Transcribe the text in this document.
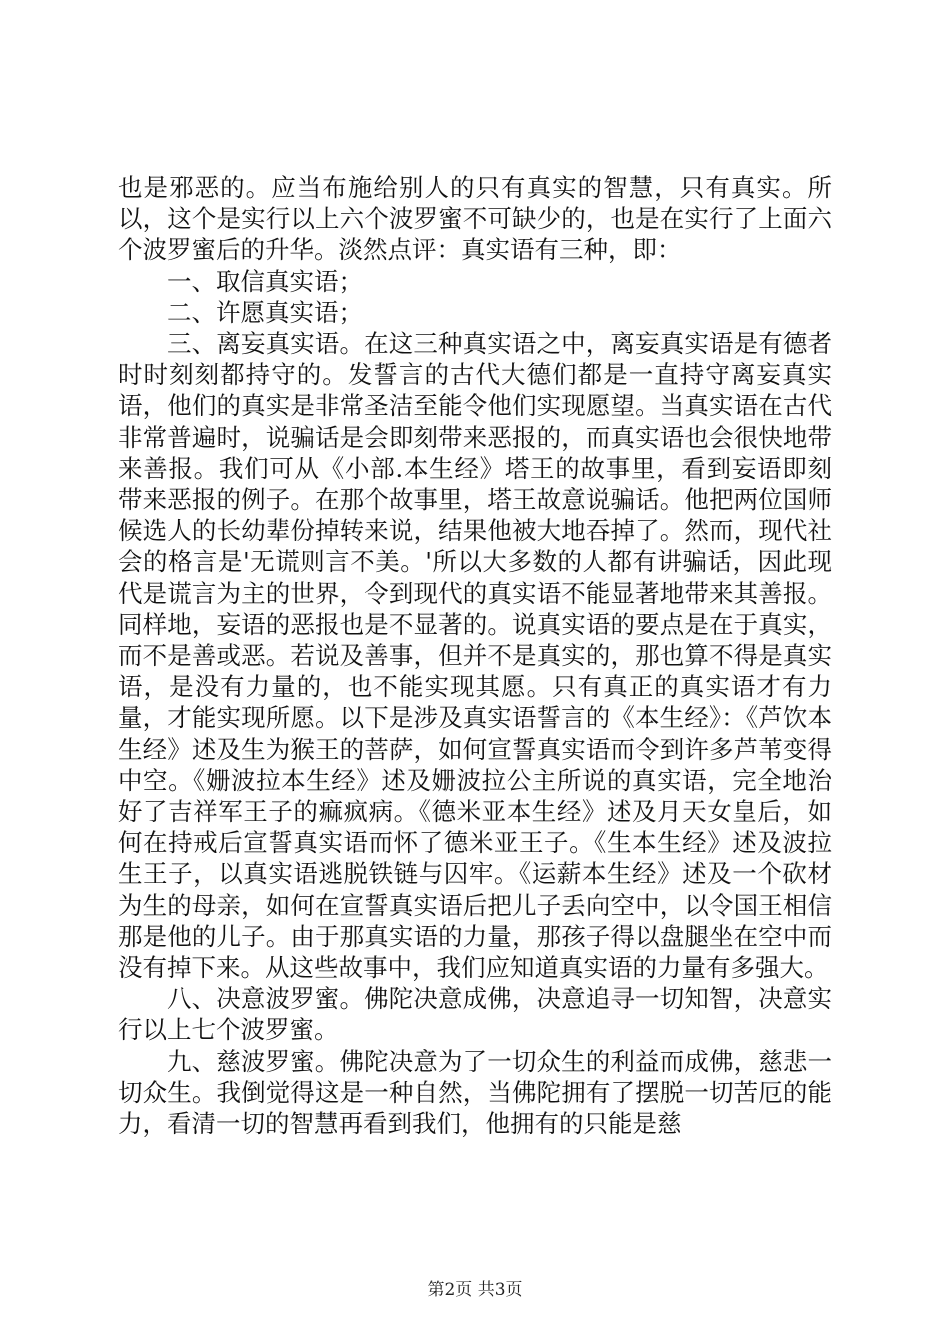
也是邪恶的。应当布施给别人的只有真实的智慧，只有真实。所以，这个是实行以上六个波罗蜜不可缺少的，也是在实行了上面六个波罗蜜后的升华。淡然点评：真实语有三种，即：

一、取信真实语；

二、许愿真实语；

三、离妄真实语。在这三种真实语之中，离妄真实语是有德者时时刻刻都持守的。发誓言的古代大德们都是一直持守离妄真实语，他们的真实是非常圣洁至能令他们实现愿望。当真实语在古代非常普遍时，说骗话是会即刻带来恶报的，而真实语也会很快地带来善报。我们可从《小部.本生经》塔王的故事里，看到妄语即刻带来恶报的例子。在那个故事里，塔王故意说骗话。他把两位国师候选人的长幼辈份掉转来说，结果他被大地吞掉了。然而，现代社会的格言是'无谎则言不美。'所以大多数的人都有讲骗话，因此现代是谎言为主的世界，令到现代的真实语不能显著地带来其善报。同样地，妄语的恶报也是不显著的。说真实语的要点是在于真实，而不是善或恶。若说及善事，但并不是真实的，那也算不得是真实语，是没有力量的，也不能实现其愿。只有真正的真实语才有力量，才能实现所愿。以下是涉及真实语誓言的《本生经》：《芦饮本生经》述及生为猴王的菩萨，如何宣誓真实语而令到许多芦苇变得中空。《姗波拉本生经》述及姗波拉公主所说的真实语，完全地治好了吉祥军王子的痲疯病。《德米亚本生经》述及月天女皇后，如何在持戒后宣誓真实语而怀了德米亚王子。《生本生经》述及波拉生王子，以真实语逃脱铁链与囚牢。《运薪本生经》述及一个砍材为生的母亲，如何在宣誓真实语后把儿子丢向空中，以令国王相信那是他的儿子。由于那真实语的力量，那孩子得以盘腿坐在空中而没有掉下来。从这些故事中，我们应知道真实语的力量有多强大。

八、决意波罗蜜。佛陀决意成佛，决意追寻一切知智，决意实行以上七个波罗蜜。

九、慈波罗蜜。佛陀决意为了一切众生的利益而成佛，慈悲一切众生。我倒觉得这是一种自然，当佛陀拥有了摆脱一切苦厄的能力，看清一切的智慧再看到我们，他拥有的只能是慈

第2页 共3页
